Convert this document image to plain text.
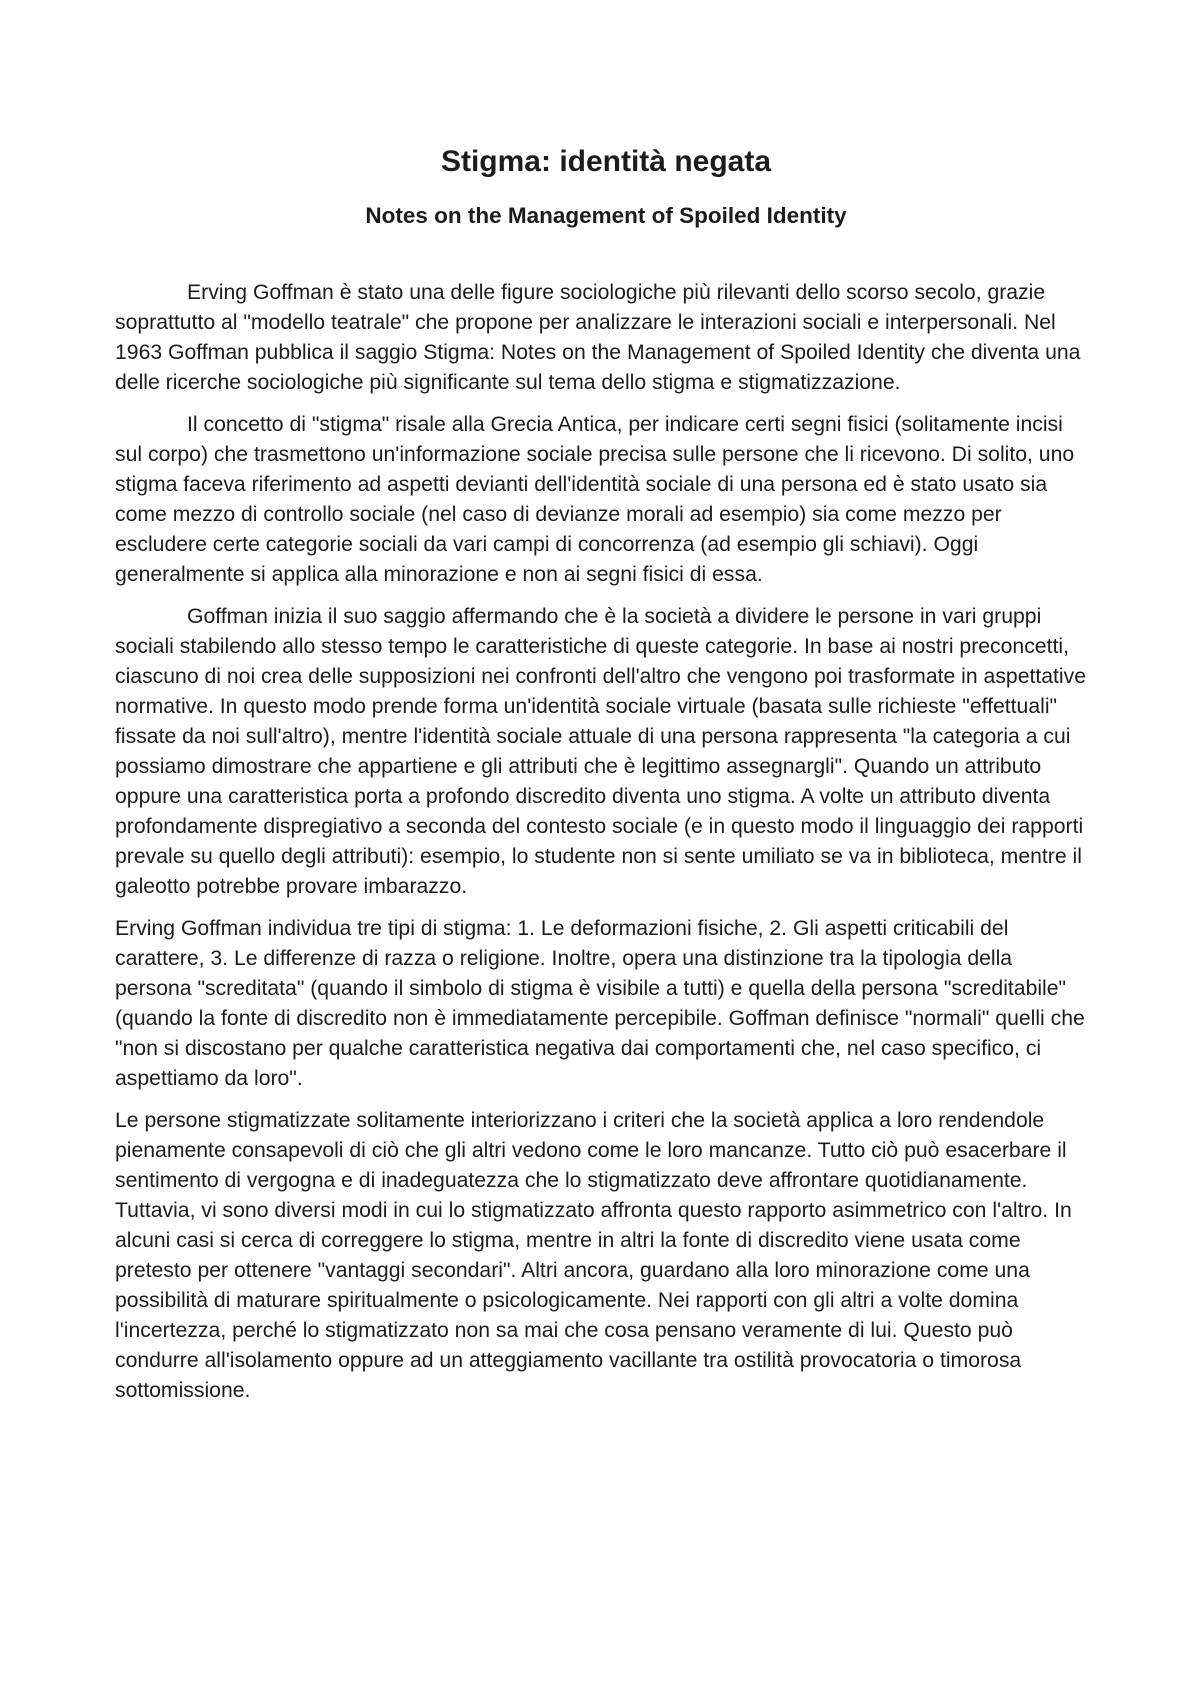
Stigma: identità negata
Notes on the Management of Spoiled Identity

Erving Goffman è stato una delle figure sociologiche più rilevanti dello scorso secolo, grazie soprattutto al "modello teatrale" che propone per analizzare le interazioni sociali e interpersonali. Nel 1963 Goffman pubblica il saggio Stigma: Notes on the Management of Spoiled Identity che diventa una delle ricerche sociologiche più significante sul tema dello stigma e stigmatizzazione.

Il concetto di "stigma" risale alla Grecia Antica, per indicare certi segni fisici (solitamente incisi sul corpo) che trasmettono un'informazione sociale precisa sulle persone che li ricevono. Di solito, uno stigma faceva riferimento ad aspetti devianti dell'identità sociale di una persona ed è stato usato sia come mezzo di controllo sociale (nel caso di devianze morali ad esempio) sia come mezzo per escludere certe categorie sociali da vari campi di concorrenza (ad esempio gli schiavi). Oggi generalmente si applica alla minorazione e non ai segni fisici di essa.

Goffman inizia il suo saggio affermando che è la società a dividere le persone in vari gruppi sociali stabilendo allo stesso tempo le caratteristiche di queste categorie. In base ai nostri preconcetti, ciascuno di noi crea delle supposizioni nei confronti dell'altro che vengono poi trasformate in aspettative normative. In questo modo prende forma un'identità sociale virtuale (basata sulle richieste "effettuali" fissate da noi sull'altro), mentre l'identità sociale attuale di una persona rappresenta "la categoria a cui possiamo dimostrare che appartiene e gli attributi che è legittimo assegnargli". Quando un attributo oppure una caratteristica porta a profondo discredito diventa uno stigma. A volte un attributo diventa profondamente dispregiativo a seconda del contesto sociale (e in questo modo il linguaggio dei rapporti prevale su quello degli attributi): esempio, lo studente non si sente umiliato se va in biblioteca, mentre il galeotto potrebbe provare imbarazzo.

Erving Goffman individua tre tipi di stigma: 1. Le deformazioni fisiche, 2. Gli aspetti criticabili del carattere, 3. Le differenze di razza o religione. Inoltre, opera una distinzione tra la tipologia della persona "screditata" (quando il simbolo di stigma è visibile a tutti) e quella della persona "screditabile" (quando la fonte di discredito non è immediatamente percepibile. Goffman definisce "normali" quelli che "non si discostano per qualche caratteristica negativa dai comportamenti che, nel caso specifico, ci aspettiamo da loro".

Le persone stigmatizzate solitamente interiorizzano i criteri che la società applica a loro rendendole pienamente consapevoli di ciò che gli altri vedono come le loro mancanze. Tutto ciò può esacerbare il sentimento di vergogna e di inadeguatezza che lo stigmatizzato deve affrontare quotidianamente. Tuttavia, vi sono diversi modi in cui lo stigmatizzato affronta questo rapporto asimmetrico con l'altro. In alcuni casi si cerca di correggere lo stigma, mentre in altri la fonte di discredito viene usata come pretesto per ottenere "vantaggi secondari". Altri ancora, guardano alla loro minorazione come una possibilità di maturare spiritualmente o psicologicamente. Nei rapporti con gli altri a volte domina l'incertezza, perché lo stigmatizzato non sa mai che cosa pensano veramente di lui. Questo può condurre all'isolamento oppure ad un atteggiamento vacillante tra ostilità provocatoria o timorosa sottomissione.
